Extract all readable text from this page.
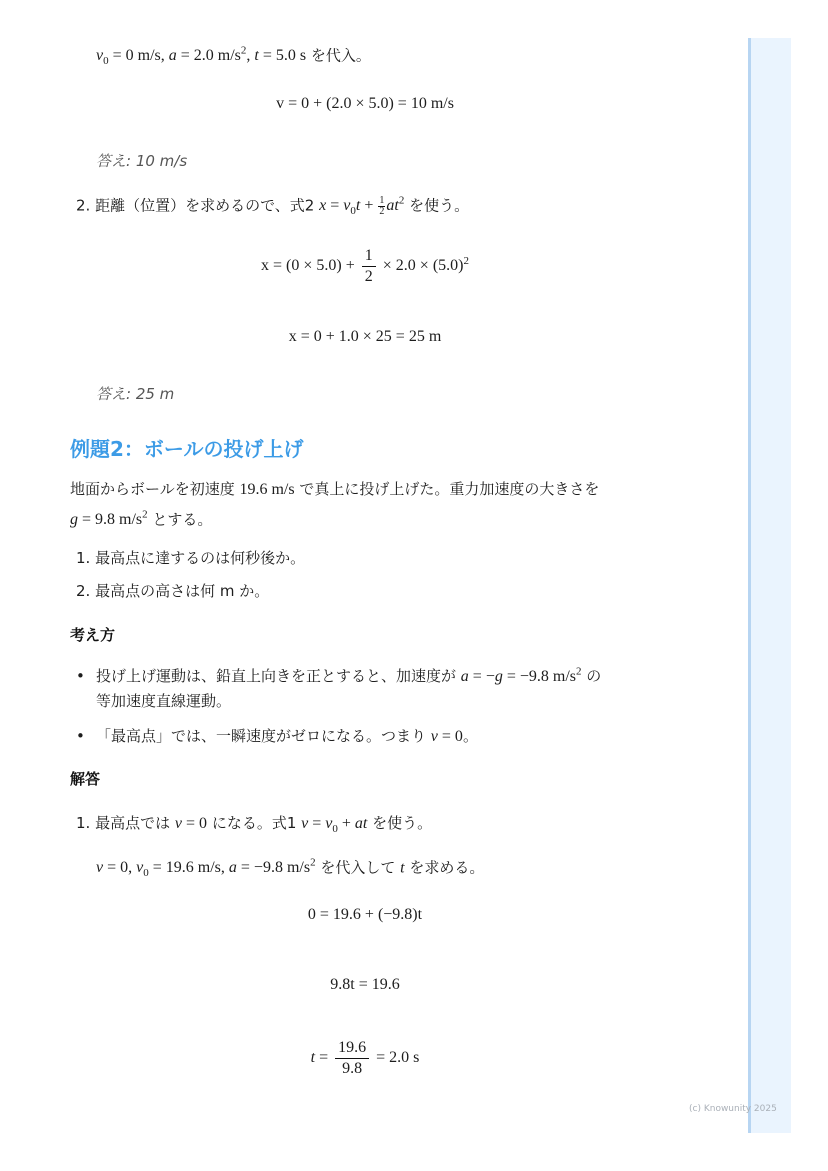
$v_0 = 0$ m/s, a = 2.0 $m/s^2$, t = 5.0 s を代入。
v = 0 + (2.0 × 5.0) = 10 m/s
答え: 10 m/s
2. 距離（位置）を求めるので、式2 $x = v_0t + \frac{1}{2} at^2$ を使う。
$x = (0 \times 5.0) + \frac{1}{2} \times 2.0 \times (5.0)^2$
x = 0 + 1.0 × 25 = 25 m
答え: 25 m
例題2：ボールの投げ上げ
地面からボールを初速度 19.6 m/s で真上に投げ上げた。重力加速度の大きさを
g = 9.8 $m/s^2$ とする。
1. 最高点に達するのは何秒後か。
2. 最高点の高さは何 m か。
考え方
• 投げ上げ運動は、鉛直上向きを正とすると、加速度が a = −g = −9.8 $m/s^2$ の
等加速度直線運動。
• 「最高点」では、一瞬速度がゼロになる。つまり v = 0。
解答
1. 最高点では v = 0 になる。式1 $v = v_0$ + at を使う。
v = 0, $v_0 = 19.6$ m/s, a = −9.8 $m/s^2$ を代入して t を求める。
0 = 19.6 + (−9.8)t
9.8t = 19.6
$t = \frac{19.6}{9.8} = 2.0$ s
(c) Knowunity 2025
